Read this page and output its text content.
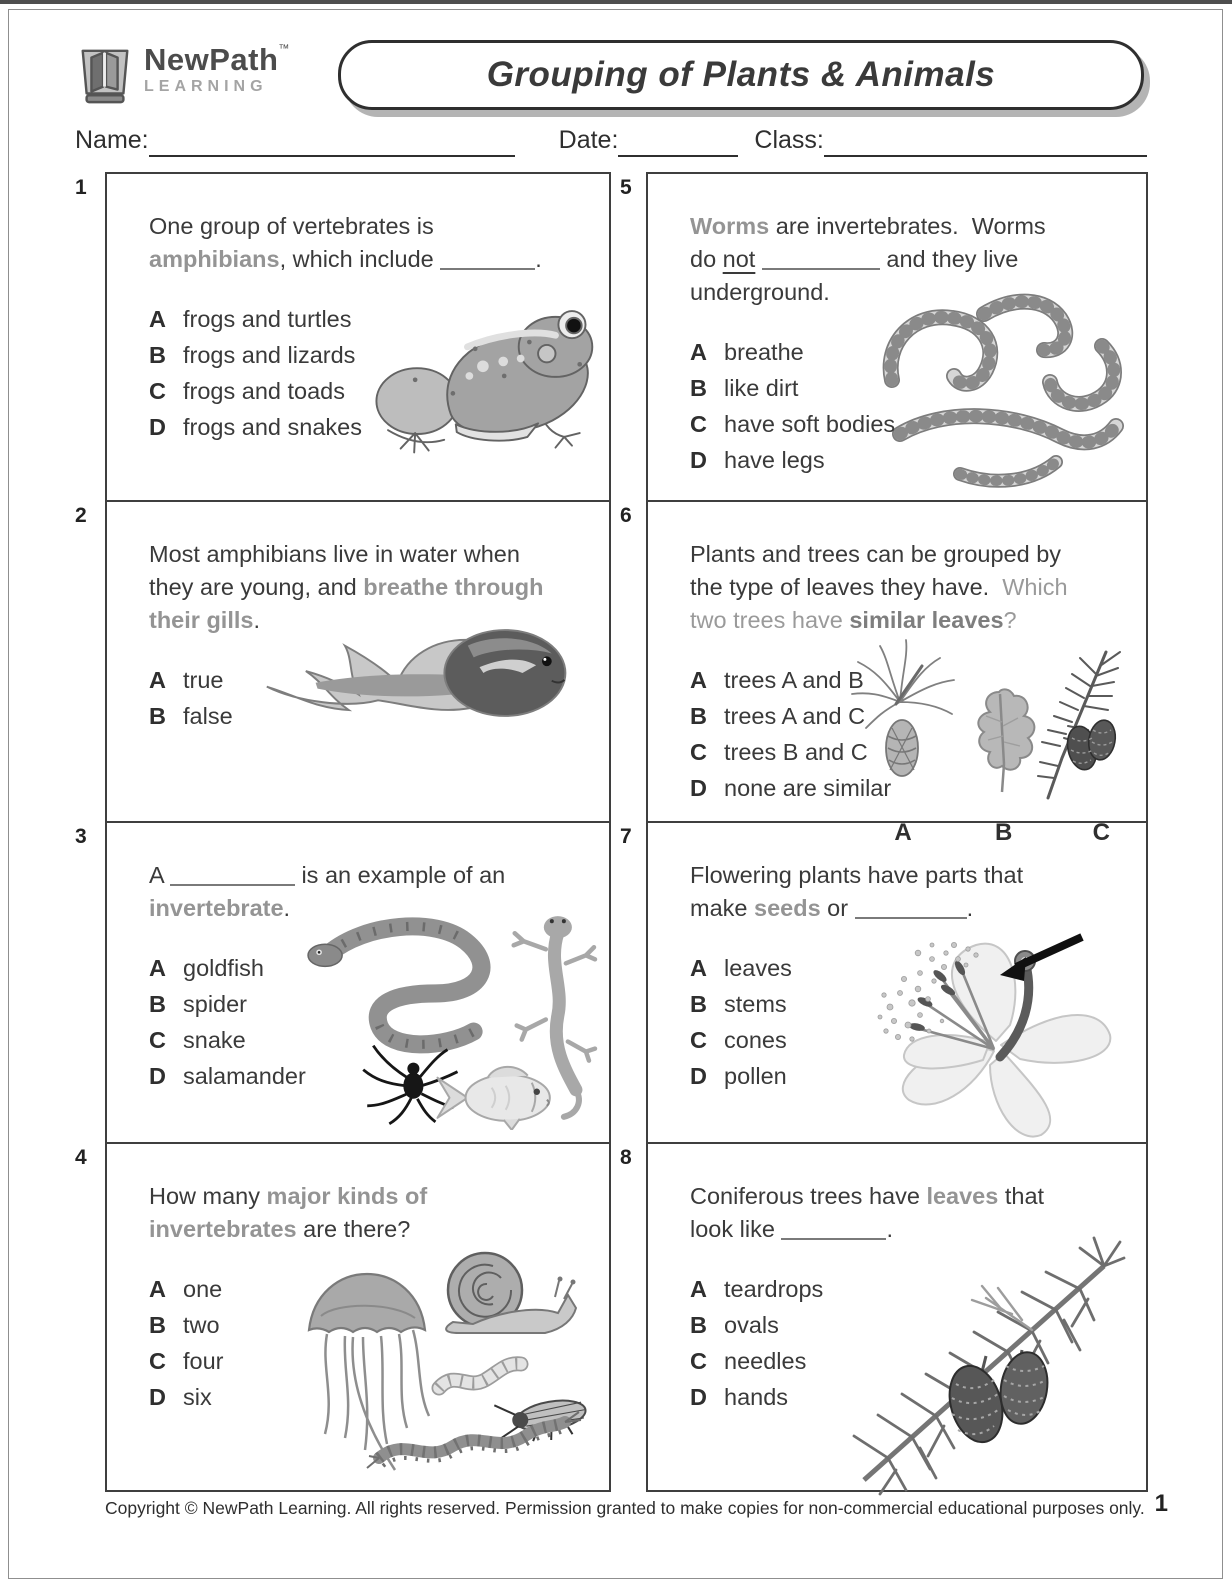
NewPath™
LEARNING	Grouping of Plants & Animals
Name:	Date:	Class:
1
One group of vertebrates is
amphibians, which include	.
A frogs and turtles
B frogs and lizards
C frogs and toads
D frogs and snakes
2
Most amphibians live in water when
they are young, and breathe through
their gills.
A true
B false
3
A	is an example of an
invertebrate.
A goldfish
B spider
C snake
D salamander
4
How many major kinds of
invertebrates are there?
A one
B two
C four
D six
5
Worms are invertebrates.  Worms
do not	and they live
underground.
A breathe
B like dirt
C have soft bodies
D have legs
6
Plants and trees can be grouped by
the type of leaves they have.  Which
two trees have similar leaves?
A trees A and B
B trees A and C
C trees B and C
D none are similar
A	B	C
7
Flowering plants have parts that
make seeds or	.
A leaves
B stems
C cones
D pollen
8
Coniferous trees have leaves that
look like	.
A teardrops
B ovals
C needles
D hands
Copyright © NewPath Learning. All rights reserved. Permission granted to make copies for non-commercial educational purposes only. 1
